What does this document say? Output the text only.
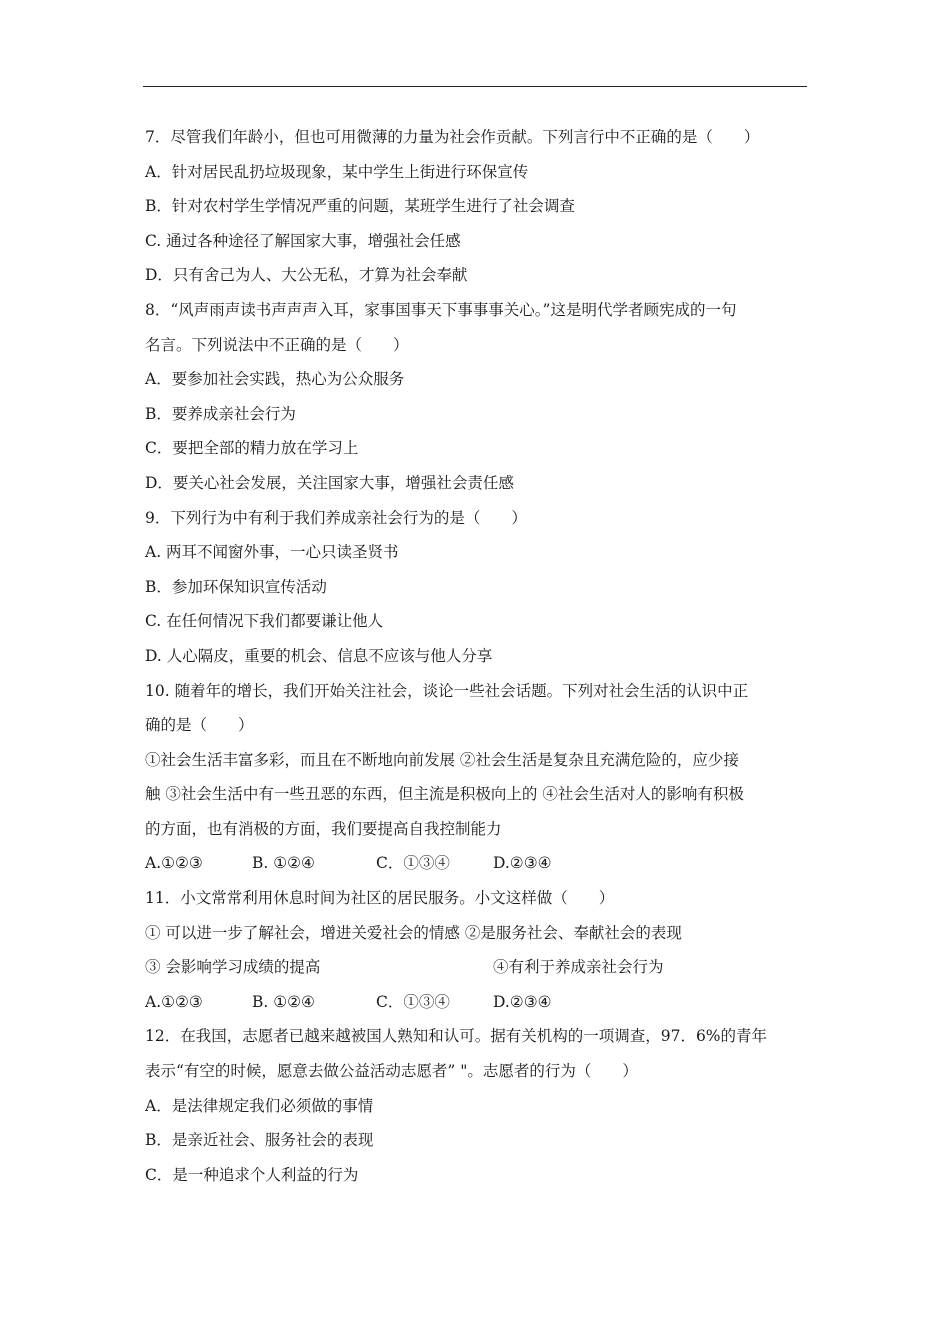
7．尽管我们年龄小，但也可用微薄的力量为社会作贡献。下列言行中不正确的是（　　）
A．针对居民乱扔垃圾现象，某中学生上街进行环保宣传
B．针对农村学生学情况严重的问题，某班学生进行了社会调查
C. 通过各种途径了解国家大事，增强社会任感
D．只有舍己为人、大公无私，才算为社会奉献
8．“风声雨声读书声声声入耳，家事国事天下事事事关心。”这是明代学者顾宪成的一句
名言。下列说法中不正确的是（　　）
A．要参加社会实践，热心为公众服务
B．要养成亲社会行为
C．要把全部的精力放在学习上
D．要关心社会发展，关注国家大事，增强社会责任感
9．下列行为中有利于我们养成亲社会行为的是（　　）
A. 两耳不闻窗外事，一心只读圣贤书
B．参加环保知识宣传活动
C. 在任何情况下我们都要谦让他人
D. 人心隔皮，重要的机会、信息不应该与他人分享
10. 随着年的增长，我们开始关注社会，谈论一些社会话题。下列对社会生活的认识中正
确的是（　　）
①社会生活丰富多彩，而且在不断地向前发展 ②社会生活是复杂且充满危险的，应少接
触 ③社会生活中有一些丑恶的东西，但主流是积极向上的 ④社会生活对人的影响有积极
的方面，也有消极的方面，我们要提高自我控制能力
A.①②③	B. ①②④	C．①③④	D.②③④
11．小文常常利用休息时间为社区的居民服务。小文这样做（　　）
① 可以进一步了解社会，增进关爱社会的情感 ②是服务社会、奉献社会的表现
③ 会影响学习成绩的提高	④有利于养成亲社会行为
A.①②③	B. ①②④	C．①③④	D.②③④
12．在我国，志愿者已越来越被国人熟知和认可。据有关机构的一项调查，97．6%的青年
表示“有空的时候，愿意去做公益活动志愿者” "。志愿者的行为（　　）
A．是法律规定我们必须做的事情
B．是亲近社会、服务社会的表现
C．是一种追求个人利益的行为
